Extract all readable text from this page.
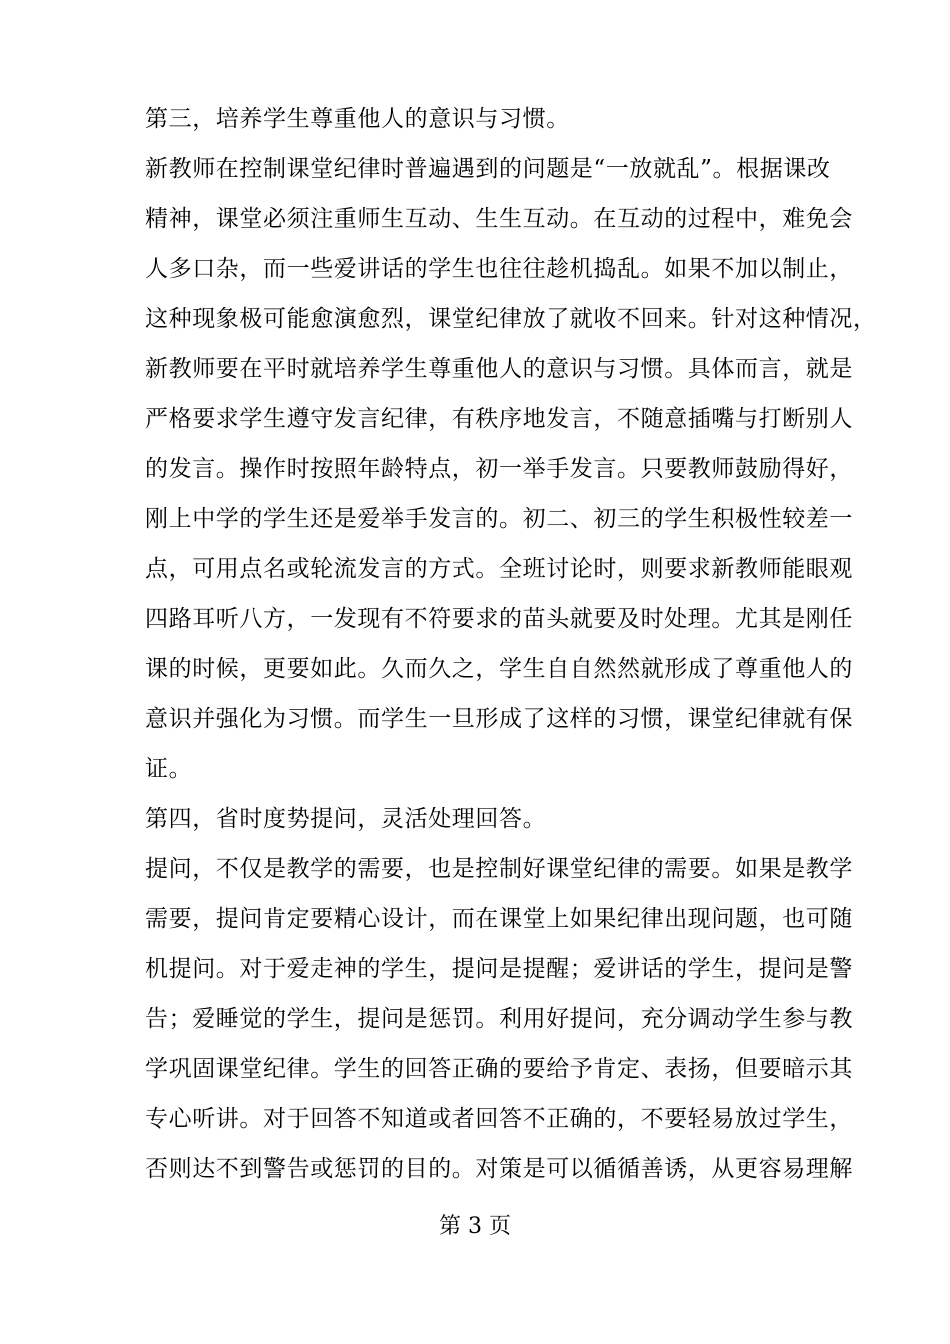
第三，培养学生尊重他人的意识与习惯。
新教师在控制课堂纪律时普遍遇到的问题是“一放就乱”。根据课改
精神，课堂必须注重师生互动、生生互动。在互动的过程中，难免会
人多口杂，而一些爱讲话的学生也往往趁机捣乱。如果不加以制止，
这种现象极可能愈演愈烈，课堂纪律放了就收不回来。针对这种情况，
新教师要在平时就培养学生尊重他人的意识与习惯。具体而言，就是
严格要求学生遵守发言纪律，有秩序地发言，不随意插嘴与打断别人
的发言。操作时按照年龄特点，初一举手发言。只要教师鼓励得好，
刚上中学的学生还是爱举手发言的。初二、初三的学生积极性较差一
点，可用点名或轮流发言的方式。全班讨论时，则要求新教师能眼观
四路耳听八方，一发现有不符要求的苗头就要及时处理。尤其是刚任
课的时候，更要如此。久而久之，学生自自然然就形成了尊重他人的
意识并强化为习惯。而学生一旦形成了这样的习惯，课堂纪律就有保
证。
第四，省时度势提问，灵活处理回答。
提问，不仅是教学的需要，也是控制好课堂纪律的需要。如果是教学
需要，提问肯定要精心设计，而在课堂上如果纪律出现问题，也可随
机提问。对于爱走神的学生，提问是提醒；爱讲话的学生，提问是警
告；爱睡觉的学生，提问是惩罚。利用好提问，充分调动学生参与教
学巩固课堂纪律。学生的回答正确的要给予肯定、表扬，但要暗示其
专心听讲。对于回答不知道或者回答不正确的，不要轻易放过学生，
否则达不到警告或惩罚的目的。对策是可以循循善诱，从更容易理解
第 3 页
